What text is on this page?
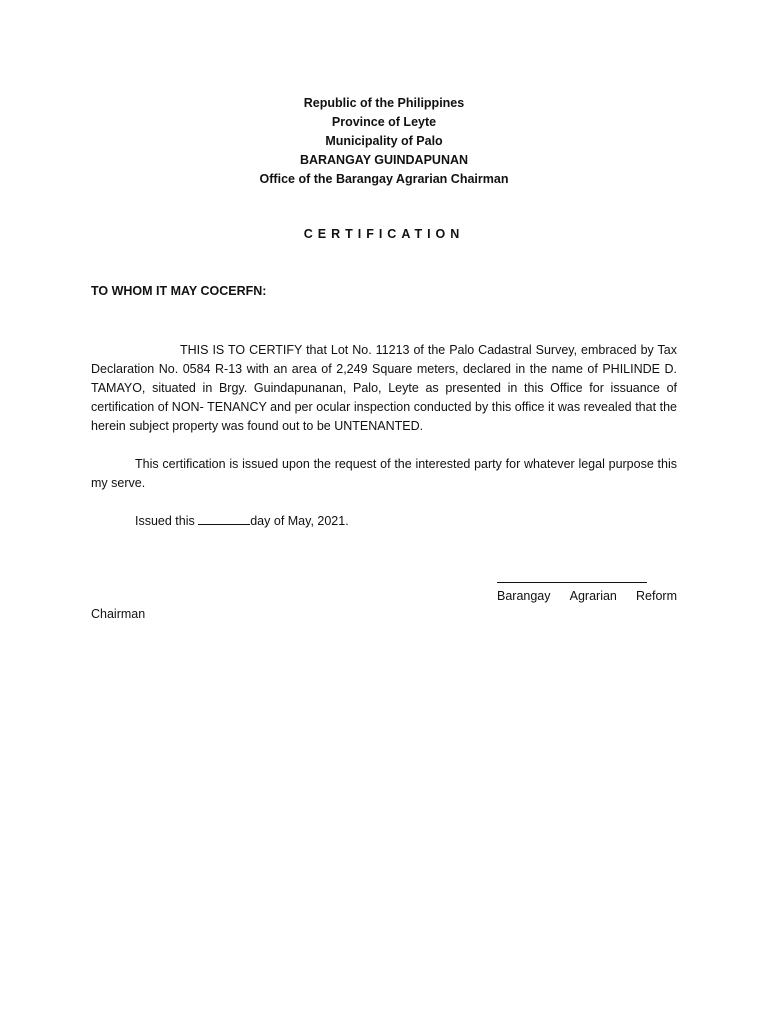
Republic of the Philippines
Province of Leyte
Municipality of Palo
BARANGAY GUINDAPUNAN
Office of the Barangay Agrarian Chairman
CERTIFICATION
TO WHOM IT MAY COCERFN:
THIS IS TO CERTIFY that Lot No. 11213 of the Palo Cadastral Survey, embraced by Tax Declaration No. 0584 R-13 with an area of 2,249 Square meters, declared in the name of PHILINDE D. TAMAYO, situated in Brgy. Guindapunanan, Palo, Leyte as presented in this Office for issuance of certification of NON- TENANCY and per ocular inspection conducted by this office it was revealed that the herein subject property was found out to be UNTENANTED.
This certification is issued upon the request of the interested party for whatever legal purpose this my serve.
Issued this	day of May, 2021.
Barangay Agrarian Reform
Chairman
